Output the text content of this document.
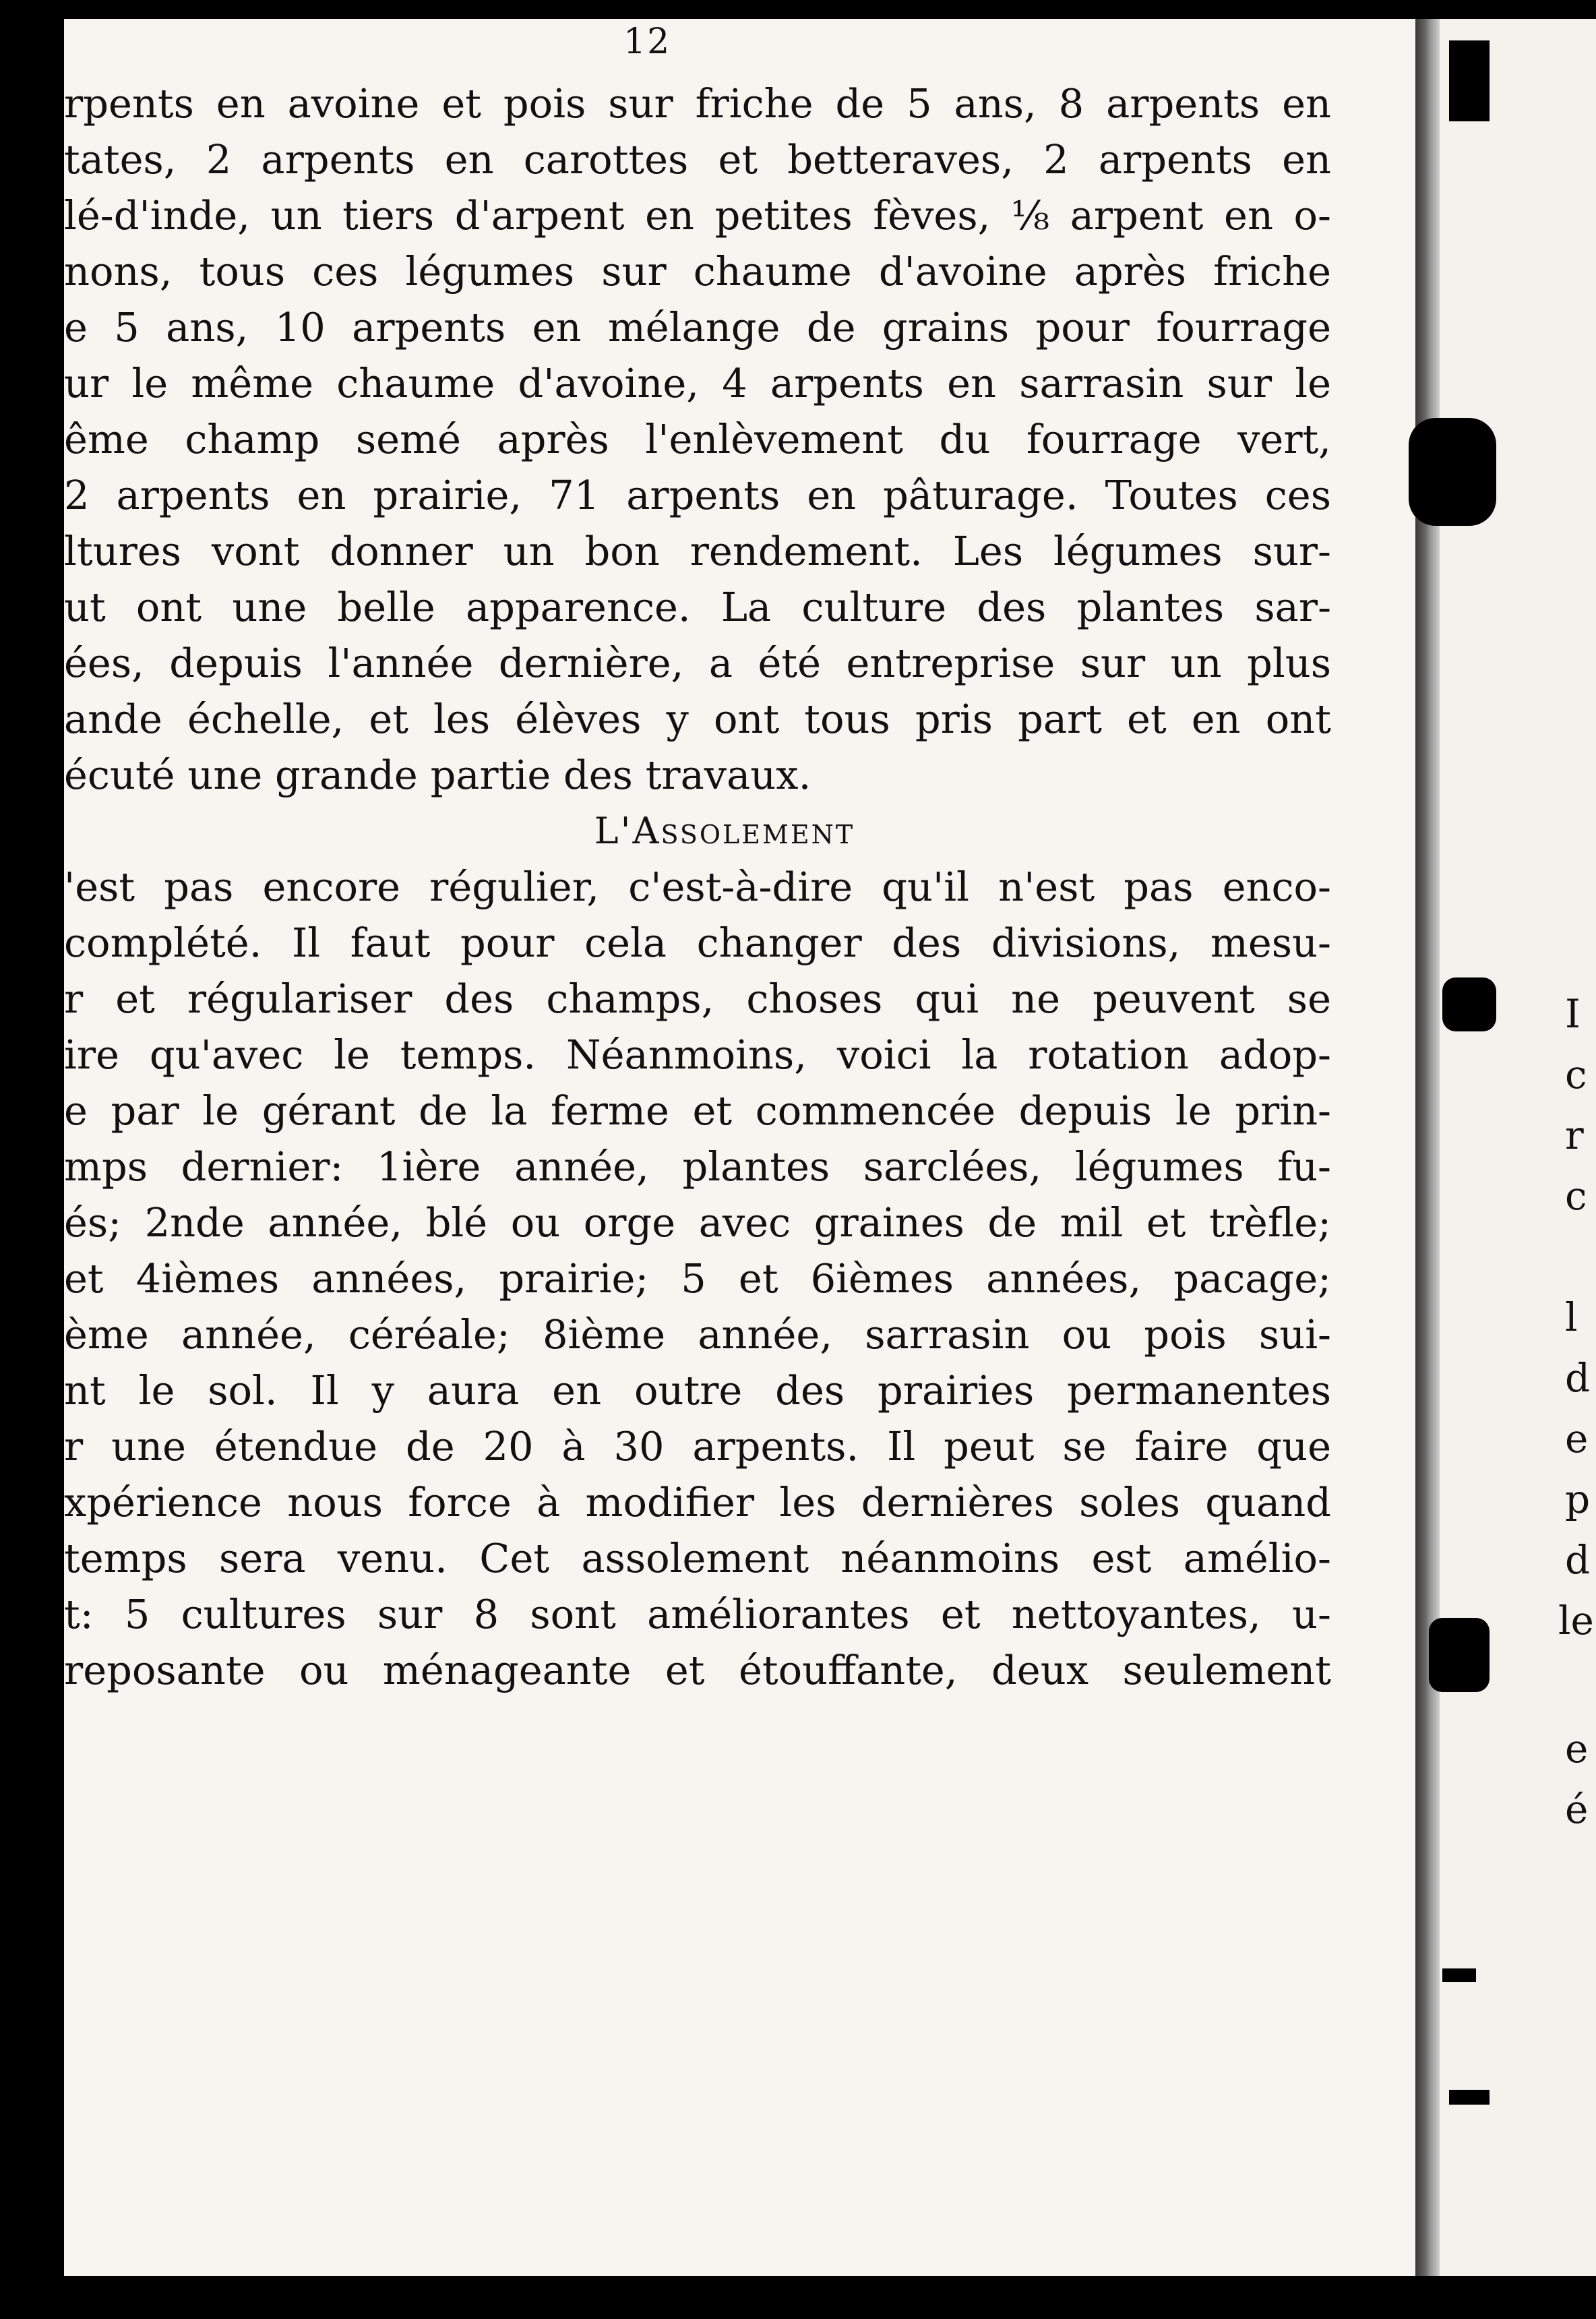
12
rpents en avoine et pois sur friche de 5 ans, 8 arpents en
tates, 2 arpents en carottes et betteraves, 2 arpents en
lé-d'inde, un tiers d'arpent en petites fèves, ⅛ arpent en o-
nons, tous ces légumes sur chaume d'avoine après friche
e 5 ans, 10 arpents en mélange de grains pour fourrage
ur le même chaume d'avoine, 4 arpents en sarrasin sur le
ême champ semé après l'enlèvement du fourrage vert,
2 arpents en prairie, 71 arpents en pâturage. Toutes ces
ltures vont donner un bon rendement. Les légumes sur-
ut ont une belle apparence. La culture des plantes sar-
ées, depuis l'année dernière, a été entreprise sur un plus
ande échelle, et les élèves y ont tous pris part et en ont
écuté une grande partie des travaux.
L'Assolement
'est pas encore régulier, c'est-à-dire qu'il n'est pas enco-
complété. Il faut pour cela changer des divisions, mesu-
r et régulariser des champs, choses qui ne peuvent se
ire qu'avec le temps. Néanmoins, voici la rotation adop-
e par le gérant de la ferme et commencée depuis le prin-
mps dernier: 1ière année, plantes sarclées, légumes fu-
és; 2nde année, blé ou orge avec graines de mil et trèfle;
et 4ièmes années, prairie; 5 et 6ièmes années, pacage;
ème année, céréale; 8ième année, sarrasin ou pois sui-
nt le sol. Il y aura en outre des prairies permanentes
r une étendue de 20 à 30 arpents. Il peut se faire que
xpérience nous force à modifier les dernières soles quand
temps sera venu. Cet assolement néanmoins est amélio-
t: 5 cultures sur 8 sont améliorantes et nettoyantes, u-
reposante ou ménageante et étouffante, deux seulement
I
c
r
c
l
d
e
p
d
le
e
é
